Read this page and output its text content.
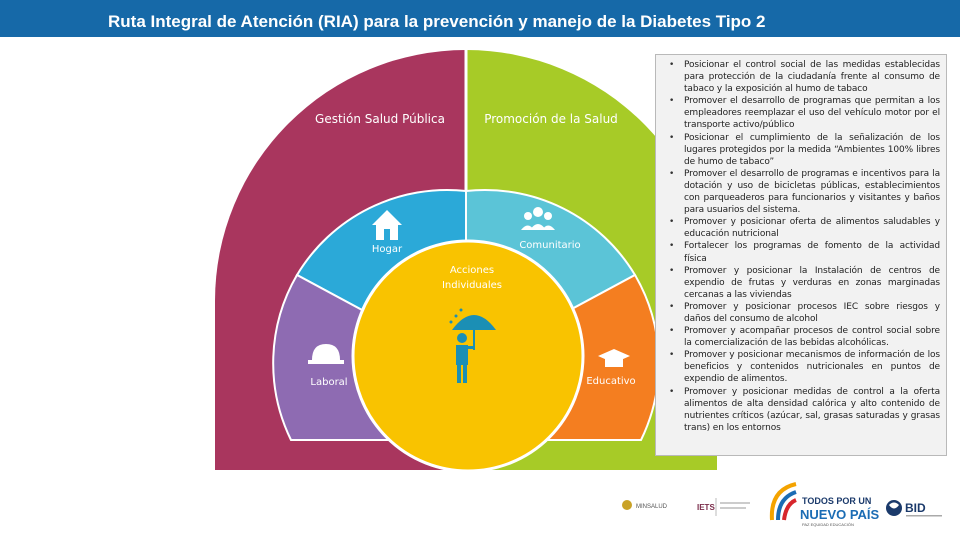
Ruta Integral de Atención (RIA) para la prevención y manejo de la Diabetes Tipo 2
Gestión Salud Pública	Promoción de la Salud
Hogar	Comunitario
Educativo
Laboral
Acciones
Individuales
MINSALUD	IETS
TODOS POR UN
NUEVO PAÍS
PAZ EQUIDAD EDUCACIÓN
BID
• Posicionar el control social de las medidas establecidas para protección de la ciudadanía frente al consumo de tabaco y la exposición al humo de tabaco
• Promover el desarrollo de programas que permitan a los empleadores reemplazar el uso del vehículo motor por el transporte activo/público
• Posicionar el cumplimiento de la señalización de los lugares protegidos por la medida “Ambientes 100% libres de humo de tabaco”
• Promover el desarrollo de programas e incentivos para la dotación y uso de bicicletas públicas, establecimientos con parqueaderos para funcionarios y visitantes y baños para usuarios del sistema.
• Promover y posicionar oferta de alimentos saludables y educación nutricional
• Fortalecer los programas de fomento de la actividad física
• Promover y posicionar la Instalación de centros de expendio de frutas y verduras en zonas marginadas cercanas a las viviendas
• Promover y posicionar procesos IEC sobre riesgos y daños del consumo de alcohol
• Promover y acompañar procesos de control social sobre la comercialización de las bebidas alcohólicas.
• Promover y posicionar mecanismos de información de los beneficios y contenidos nutricionales en puntos de expendio de alimentos.
• Promover y posicionar medidas de control a la oferta alimentos de alta densidad calórica y alto contenido de nutrientes críticos (azúcar, sal, grasas saturadas y grasas trans) en los entornos
